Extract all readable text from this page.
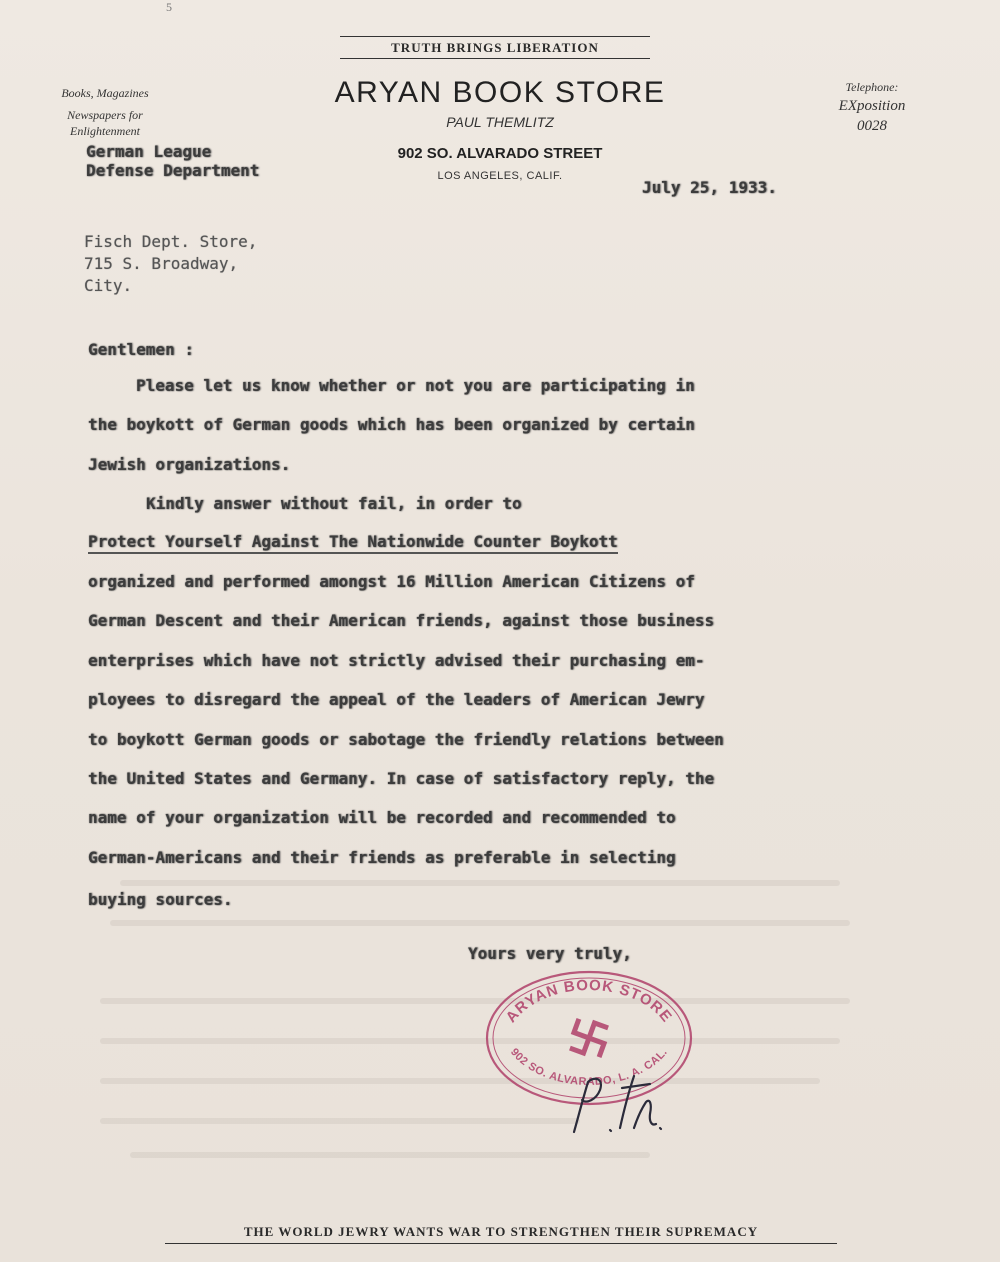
5
TRUTH BRINGS LIBERATION
Books, Magazines
Newspapers for
Enlightenment
ARYAN BOOK STORE
PAUL THEMLITZ
902 SO. ALVARADO STREET
LOS ANGELES, CALIF.
Telephone:
EXposition
0028
German League
Defense Department
July 25, 1933.
Fisch Dept. Store,
715 S. Broadway,
City.
Gentlemen :
Please let us know whether or not you are participating in
the boykott of German goods which has been organized by certain
Jewish organizations.
Kindly answer without fail, in order to
Protect Yourself Against The Nationwide Counter Boykott
organized and performed amongst 16 Million American Citizens of
German Descent and their American friends, against those business
enterprises which have not strictly advised their purchasing em-
ployees to disregard the appeal of the leaders of American Jewry
to boykott German goods or sabotage the friendly relations between
the United States and Germany. In case of satisfactory reply, the
name of your organization will be recorded and recommended to
German-Americans and their friends as preferable in selecting
buying sources.
Yours very truly,
ARYAN BOOK STORE
902 SO. ALVARADO, L. A. CAL.
THE WORLD JEWRY WANTS WAR TO STRENGTHEN THEIR SUPREMACY
